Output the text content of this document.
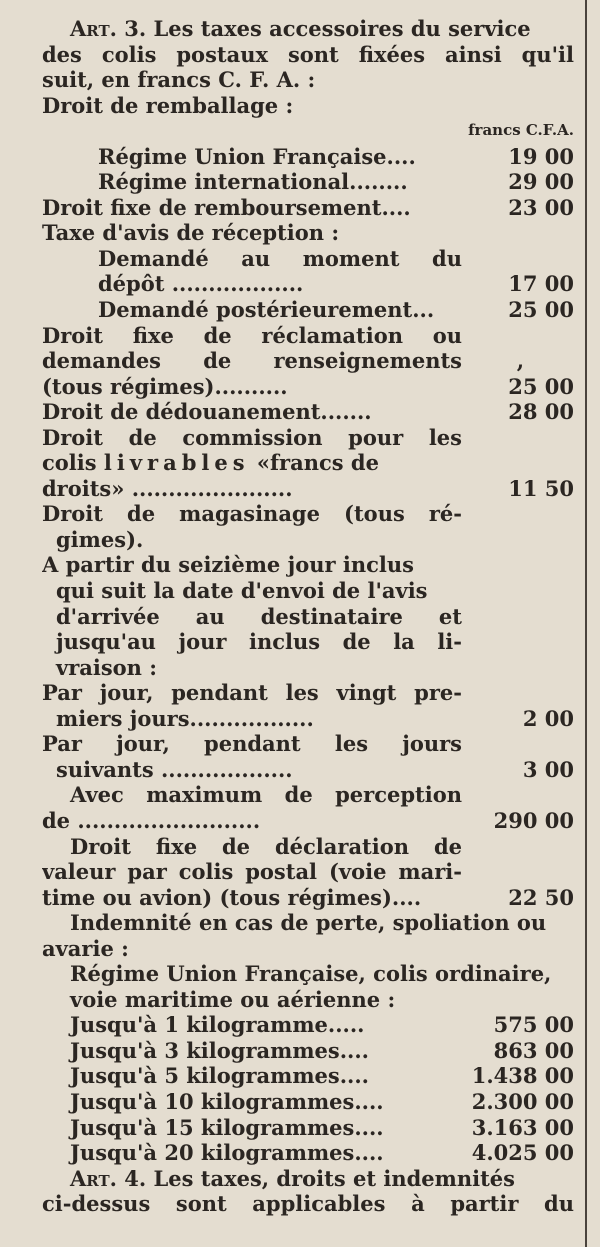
Art. 3. Les taxes accessoires du service
des colis postaux sont fixées ainsi qu'il
suit, en francs C. F. A. :
Droit de remballage :
francs C.F.A.
Régime Union Française....	19 00
Régime international........	29 00
Droit fixe de remboursement....	23 00
Taxe d'avis de réception :
Demandé au moment du
dépôt ..................	17 00
Demandé postérieurement...	25 00
Droit fixe de réclamation ou
demandes de renseignements	,
(tous régimes)..........	25 00
Droit de dédouanement.......	28 00
Droit de commission pour les
colis livrables «francs de
droits» ......................	11 50
Droit de magasinage (tous ré-
gimes).
A partir du seizième jour inclus
qui suit la date d'envoi de l'avis
d'arrivée au destinataire et
jusqu'au jour inclus de la li-
vraison :
Par jour, pendant les vingt pre-
miers jours.................	2 00
Par jour, pendant les jours
suivants ..................	3 00
Avec maximum de perception
de .........................	290 00
Droit fixe de déclaration de
valeur par colis postal (voie mari-
time ou avion) (tous régimes)....	22 50
Indemnité en cas de perte, spoliation ou
avarie :
Régime Union Française, colis ordinaire,
voie maritime ou aérienne :
Jusqu'à 1 kilogramme.....	575 00
Jusqu'à 3 kilogrammes....	863 00
Jusqu'à 5 kilogrammes....	1.438 00
Jusqu'à 10 kilogrammes....	2.300 00
Jusqu'à 15 kilogrammes....	3.163 00
Jusqu'à 20 kilogrammes....	4.025 00
Art. 4. Les taxes, droits et indemnités
ci-dessus sont applicables à partir du
